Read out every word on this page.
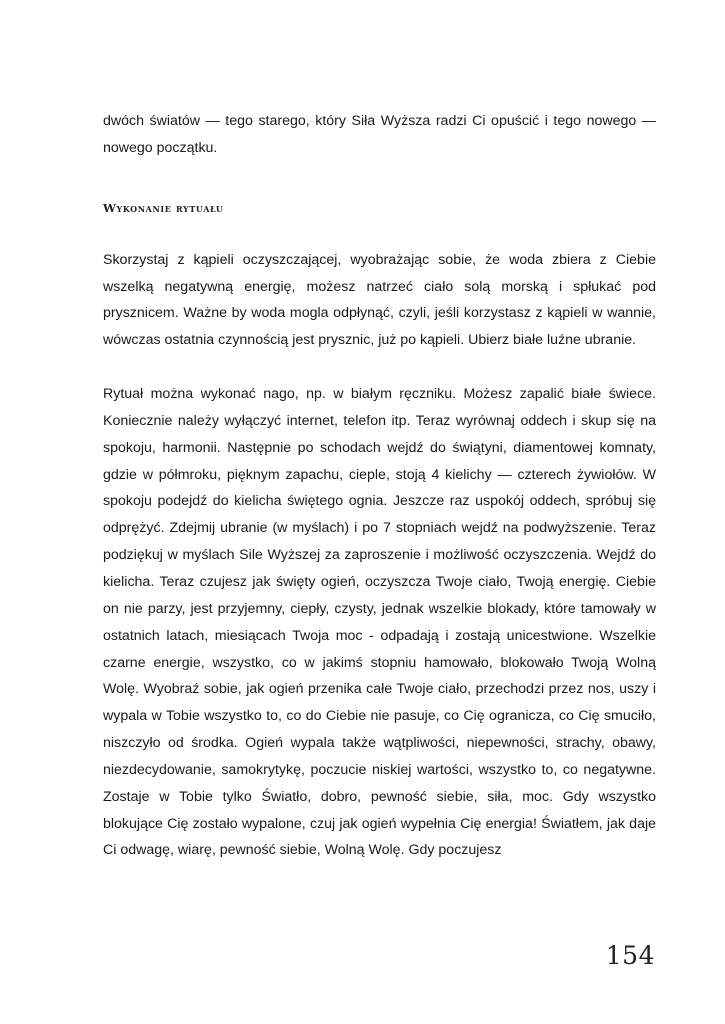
dwóch światów — tego starego, który Siła Wyższa radzi Ci opuścić i tego nowego — nowego początku.

Wykonanie rytuału

Skorzystaj z kąpieli oczyszczającej, wyobrażając sobie, że woda zbiera z Ciebie wszelką negatywną energię, możesz natrzeć ciało solą morską i spłukać pod prysznicem. Ważne by woda mogla odpłynąć, czyli, jeśli korzystasz z kąpieli w wannie, wówczas ostatnia czynnością jest prysznic, już po kąpieli. Ubierz białe luźne ubranie.

Rytuał można wykonać nago, np. w białym ręczniku. Możesz zapalić białe świece. Koniecznie należy wyłączyć internet, telefon itp. Teraz wyrównaj oddech i skup się na spokoju, harmonii. Następnie po schodach wejdź do świątyni, diamentowej komnaty, gdzie w półmroku, pięknym zapachu, cieple, stoją 4 kielichy — czterech żywiołów. W spokoju podejdź do kielicha świętego ognia. Jeszcze raz uspokój oddech, spróbuj się odprężyć. Zdejmij ubranie (w myślach) i po 7 stopniach wejdź na podwyższenie. Teraz podziękuj w myślach Sile Wyższej za zaproszenie i możliwość oczyszczenia. Wejdź do kielicha. Teraz czujesz jak święty ogień, oczyszcza Twoje ciało, Twoją energię. Ciebie on nie parzy, jest przyjemny, ciepły, czysty, jednak wszelkie blokady, które tamowały w ostatnich latach, miesiącach Twoja moc - odpadają i zostają unicestwione. Wszelkie czarne energie, wszystko, co w jakimś stopniu hamowało, blokowało Twoją Wolną Wolę. Wyobraź sobie, jak ogień przenika całe Twoje ciało, przechodzi przez nos, uszy i wypala w Tobie wszystko to, co do Ciebie nie pasuje, co Cię ogranicza, co Cię smuciło, niszczyło od środka. Ogień wypala także wątpliwości, niepewności, strachy, obawy, niezdecydowanie, samokrytykę, poczucie niskiej wartości, wszystko to, co negatywne. Zostaje w Tobie tylko Światło, dobro, pewność siebie, siła, moc. Gdy wszystko blokujące Cię zostało wypalone, czuj jak ogień wypełnia Cię energia! Światłem, jak daje Ci odwagę, wiarę, pewność siebie, Wolną Wolę. Gdy poczujesz

154
